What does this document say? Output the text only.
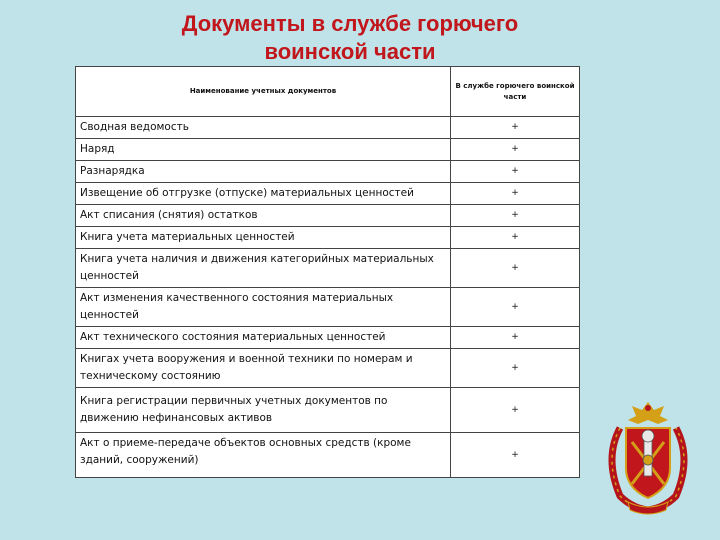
Документы в службе горючего воинской части
Наименование учетных документов	В службе горючего воинской части
Сводная ведомость	+
Наряд	+
Разнарядка	+
Извещение об отгрузке (отпуске) материальных ценностей	+
Акт списания (снятия) остатков	+
Книга учета материальных ценностей	+
Книга учета наличия и движения категорийных материальных ценностей	+
Акт изменения качественного состояния материальных ценностей	+
Акт технического состояния материальных ценностей	+
Книгах учета вооружения и военной техники по номерам и техническому состоянию	+
Книга регистрации первичных учетных документов по движению нефинансовых активов	+
Акт о приеме-передаче объектов основных средств (кроме зданий, сооружений)	+
